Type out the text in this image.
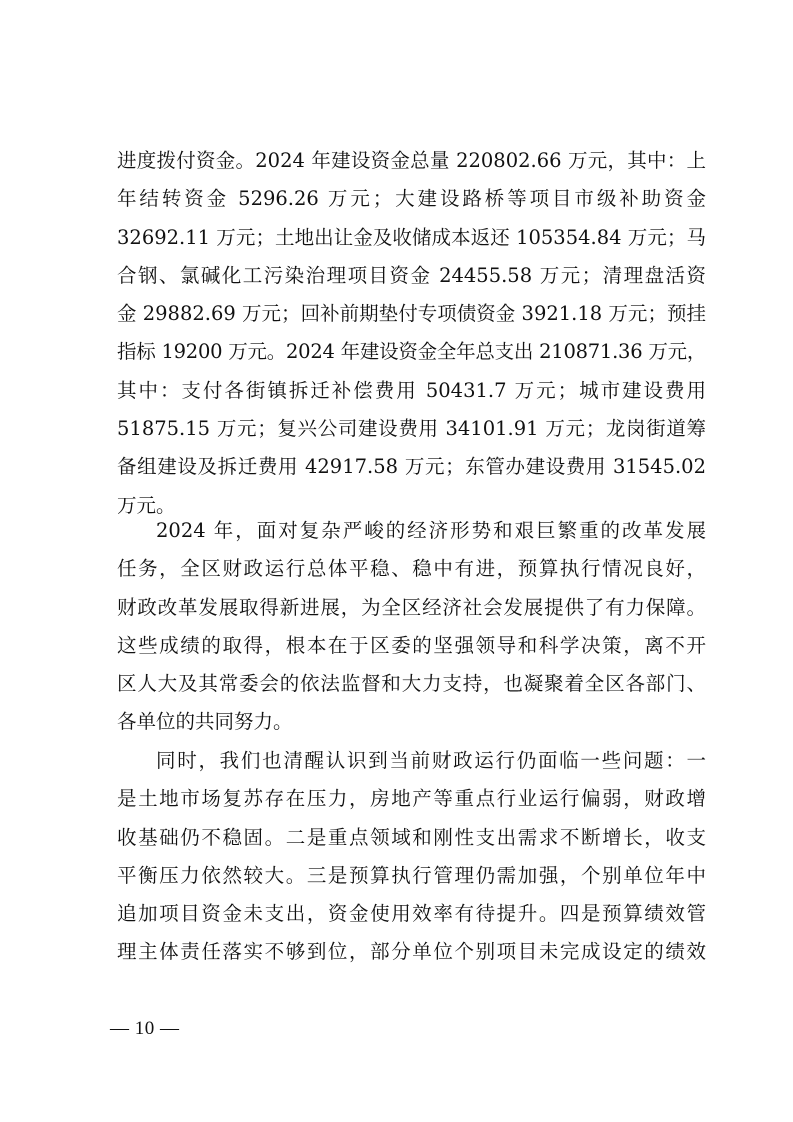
进度拨付资金。2024 年建设资金总量 220802.66 万元，其中：上
年结转资金 5296.26 万元；大建设路桥等项目市级补助资金
32692.11 万元；土地出让金及收储成本返还 105354.84 万元；马
合钢、氯碱化工污染治理项目资金 24455.58 万元；清理盘活资
金 29882.69 万元；回补前期垫付专项债资金 3921.18 万元；预挂
指标 19200 万元。2024 年建设资金全年总支出 210871.36 万元，
其中：支付各街镇拆迁补偿费用 50431.7 万元；城市建设费用
51875.15 万元；复兴公司建设费用 34101.91 万元；龙岗街道筹
备组建设及拆迁费用 42917.58 万元；东管办建设费用 31545.02
万元。

2024 年，面对复杂严峻的经济形势和艰巨繁重的改革发展
任务，全区财政运行总体平稳、稳中有进，预算执行情况良好，
财政改革发展取得新进展，为全区经济社会发展提供了有力保障。
这些成绩的取得，根本在于区委的坚强领导和科学决策，离不开
区人大及其常委会的依法监督和大力支持，也凝聚着全区各部门、
各单位的共同努力。

同时，我们也清醒认识到当前财政运行仍面临一些问题：一
是土地市场复苏存在压力，房地产等重点行业运行偏弱，财政增
收基础仍不稳固。二是重点领域和刚性支出需求不断增长，收支
平衡压力依然较大。三是预算执行管理仍需加强，个别单位年中
追加项目资金未支出，资金使用效率有待提升。四是预算绩效管
理主体责任落实不够到位，部分单位个别项目未完成设定的绩效

— 10 —
